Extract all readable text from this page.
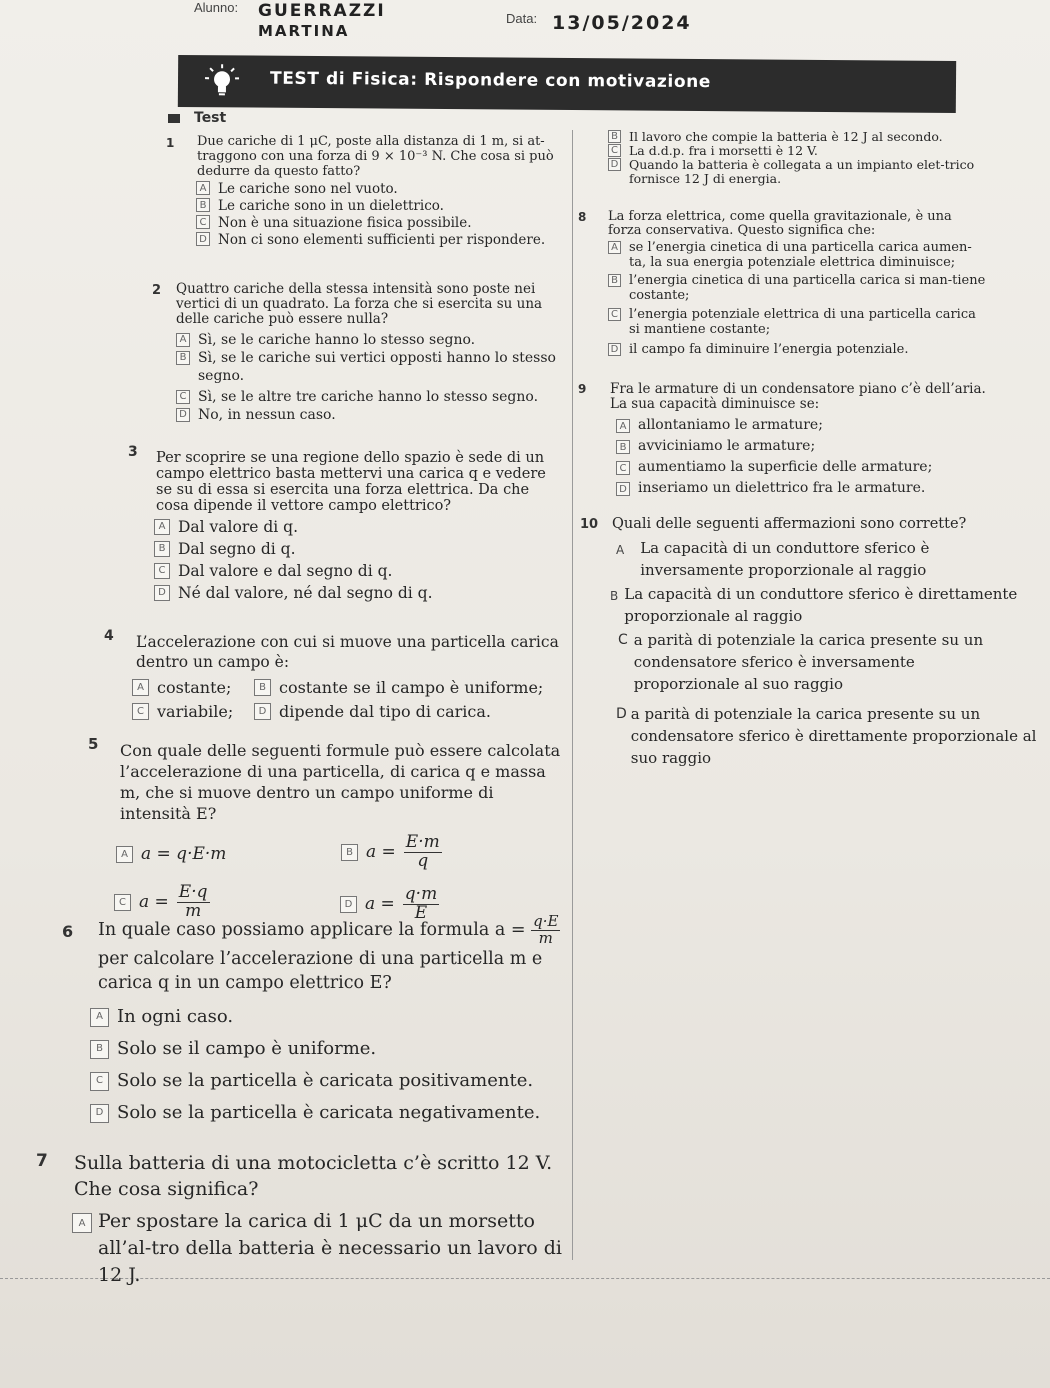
Alunno: GUERRAZZI
MARTINA
Data: 13/05/2024
TEST di Fisica: Rispondere con motivazione
Test
1	Due cariche di 1 μC, poste alla distanza di 1 m, si at-traggono con una forza di 9 × 10⁻³ N. Che cosa si può dedurre da questo fatto?
A Le cariche sono nel vuoto.
B Le cariche sono in un dielettrico.
C Non è una situazione fisica possibile.
D Non ci sono elementi sufficienti per rispondere.
2	Quattro cariche della stessa intensità sono poste nei vertici di un quadrato. La forza che si esercita su una delle cariche può essere nulla?
A Sì, se le cariche hanno lo stesso segno.
B Sì, se le cariche sui vertici opposti hanno lo stesso segno.
C Sì, se le altre tre cariche hanno lo stesso segno.
D No, in nessun caso.
3	Per scoprire se una regione dello spazio è sede di un campo elettrico basta mettervi una carica q e vedere se su di essa si esercita una forza elettrica. Da che cosa dipende il vettore campo elettrico?
A Dal valore di q.
B Dal segno di q.
C Dal valore e dal segno di q.
D Né dal valore, né dal segno di q.
4	L’accelerazione con cui si muove una particella carica dentro un campo è:
A costante;	B costante se il campo è uniforme;
C variabile;	D dipende dal tipo di carica.
5	Con quale delle seguenti formule può essere calcolata l’accelerazione di una particella, di carica q e massa m, che si muove dentro un campo uniforme di intensità E?
A a = q·E·m	B $a = \frac{E\cdot m}{q}$
C $a = \frac{E\cdot q}{m}$	D $a = \frac{q\cdot m}{E}$
6	In quale caso possiamo applicare la formula $a = \frac{q\cdot E}{m}$
per calcolare l’accelerazione di una particella m e carica q in un campo elettrico E?
A In ogni caso.
B Solo se il campo è uniforme.
C Solo se la particella è caricata positivamente.
D Solo se la particella è caricata negativamente.
7	Sulla batteria di una motocicletta c’è scritto 12 V. Che cosa significa?
A Per spostare la carica di 1 μC da un morsetto all’al-tro della batteria è necessario un lavoro di 12 J.
B Il lavoro che compie la batteria è 12 J al secondo.
C La d.d.p. fra i morsetti è 12 V.
D Quando la batteria è collegata a un impianto elet-trico fornisce 12 J di energia.
8	La forza elettrica, come quella gravitazionale, è una forza conservativa. Questo significa che:
A se l’energia cinetica di una particella carica aumen-ta, la sua energia potenziale elettrica diminuisce;
B l’energia cinetica di una particella carica si man-tiene costante;
C l’energia potenziale elettrica di una particella carica si mantiene costante;
D il campo fa diminuire l’energia potenziale.
9	Fra le armature di un condensatore piano c’è dell’aria. La sua capacità diminuisce se:
A allontaniamo le armature;
B avviciniamo le armature;
C aumentiamo la superficie delle armature;
D inseriamo un dielettrico fra le armature.
10 Quali delle seguenti affermazioni sono corrette?
A La capacità di un conduttore sferico è inversamente proporzionale al raggio
B La capacità di un conduttore sferico è direttamente proporzionale al raggio
C a parità di potenziale la carica presente su un condensatore sferico è inversamente proporzionale al suo raggio
D a parità di potenziale la carica presente su un condensatore sferico è direttamente proporzionale al suo raggio
